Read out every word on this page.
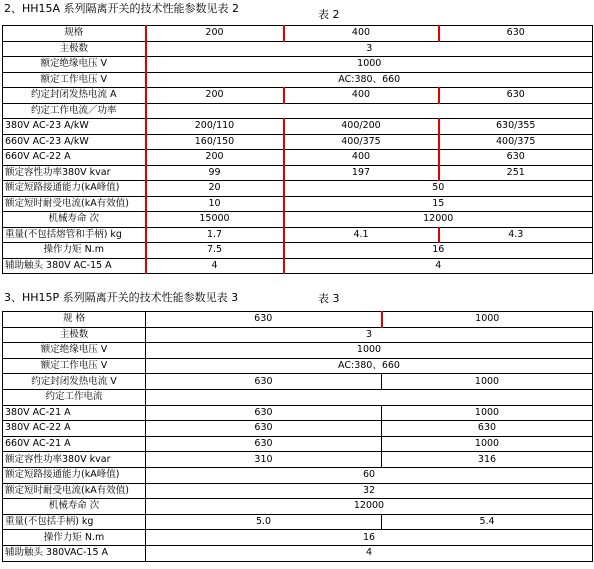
2、HH15A 系列隔离开关的技术性能参数见表 2	表 2
规格	200	400	630
主极数	3		
额定绝缘电压 V	1000		
额定工作电压 V	AC:380、660		
约定封闭发热电流 A	200	400	630
约定工作电流／功率			
380V AC-23 A/kW	200/110	400/200	630/355
660V AC-23 A/kW	160/150	400/375	400/375
660V AC-22 A	200	400	630
额定容性功率380V kvar	99	197	251
额定短路接通能力(kA峰值)	20	50	
额定短时耐受电流(kA有效值)	10	15	
机械寿命 次	15000	12000	
重量(不包括熔管和手柄) kg	1.7	4.1	4.3
操作力矩 N.m	7.5	16	
辅助触头 380V AC-15 A	4	4	
3、HH15P 系列隔离开关的技术性能参数见表 3	表 3
规 格	630	1000
主极数	3	
额定绝缘电压 V	1000	
额定工作电压 V	AC:380、660	
约定封闭发热电流 V	630	1000
约定工作电流		
380V AC-21 A	630	1000
380V AC-22 A	630	630
660V AC-21 A	630	1000
额定容性功率380V kvar	310	316
额定短路接通能力(kA峰值)	60	
额定短时耐受电流(kA有效值)	32	
机械寿命 次	12000	
重量(不包括手柄) kg	5.0	5.4
操作力矩 N.m	16	
辅助触头 380VAC-15 A	4	
